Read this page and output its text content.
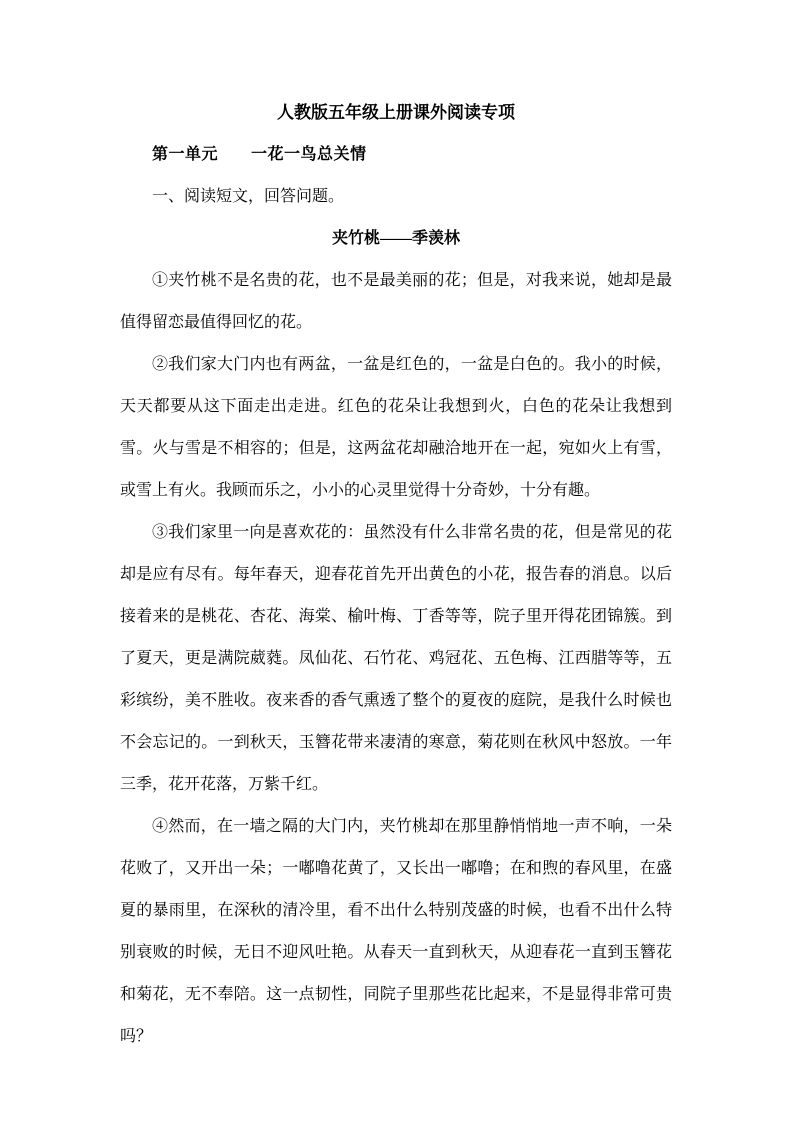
人教版五年级上册课外阅读专项

第一单元　　一花一鸟总关情

一、阅读短文，回答问题。

夹竹桃——季羡林

①夹竹桃不是名贵的花，也不是最美丽的花；但是，对我来说，她却是最值得留恋最值得回忆的花。

②我们家大门内也有两盆，一盆是红色的，一盆是白色的。我小的时候，天天都要从这下面走出走进。红色的花朵让我想到火，白色的花朵让我想到雪。火与雪是不相容的；但是，这两盆花却融洽地开在一起，宛如火上有雪，或雪上有火。我顾而乐之，小小的心灵里觉得十分奇妙，十分有趣。

③我们家里一向是喜欢花的：虽然没有什么非常名贵的花，但是常见的花却是应有尽有。每年春天，迎春花首先开出黄色的小花，报告春的消息。以后接着来的是桃花、杏花、海棠、榆叶梅、丁香等等，院子里开得花团锦簇。到了夏天，更是满院葳蕤。凤仙花、石竹花、鸡冠花、五色梅、江西腊等等，五彩缤纷，美不胜收。夜来香的香气熏透了整个的夏夜的庭院，是我什么时候也不会忘记的。一到秋天，玉簪花带来凄清的寒意，菊花则在秋风中怒放。一年三季，花开花落，万紫千红。

④然而，在一墙之隔的大门内，夹竹桃却在那里静悄悄地一声不响，一朵花败了，又开出一朵；一嘟噜花黄了，又长出一嘟噜；在和煦的春风里，在盛夏的暴雨里，在深秋的清冷里，看不出什么特别茂盛的时候，也看不出什么特别衰败的时候，无日不迎风吐艳。从春天一直到秋天，从迎春花一直到玉簪花和菊花，无不奉陪。这一点韧性，同院子里那些花比起来，不是显得非常可贵吗？
